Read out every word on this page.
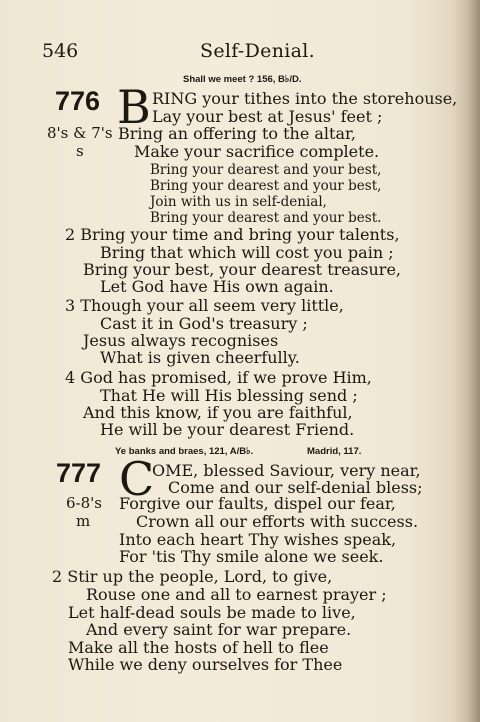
546	Self-Denial.
Shall we meet ? 156, B♭/D.
776 B RING your tithes into the storehouse,
Lay your best at Jesus' feet ;
8's & 7's Bring an offering to the altar,
s	Make your sacrifice complete.
Bring your dearest and your best,
Bring your dearest and your best,
Join with us in self-denial,
Bring your dearest and your best.
2 Bring your time and bring your talents,
Bring that which will cost you pain ;
Bring your best, your dearest treasure,
Let God have His own again.
3 Though your all seem very little,
Cast it in God's treasury ;
Jesus always recognises
What is given cheerfully.
4 God has promised, if we prove Him,
That He will His blessing send ;
And this know, if you are faithful,
He will be your dearest Friend.
Ye banks and braes, 121, A/B♭.	Madrid, 117.
777 C
OME, blessed Saviour, very near,
Come and our self-denial bless;
6-8's Forgive our faults, dispel our fear,
m	Crown all our efforts with success.
Into each heart Thy wishes speak,
For 'tis Thy smile alone we seek.
2 Stir up the people, Lord, to give,
Rouse one and all to earnest prayer ;
Let half-dead souls be made to live,
And every saint for war prepare.
Make all the hosts of hell to flee
While we deny ourselves for Thee
